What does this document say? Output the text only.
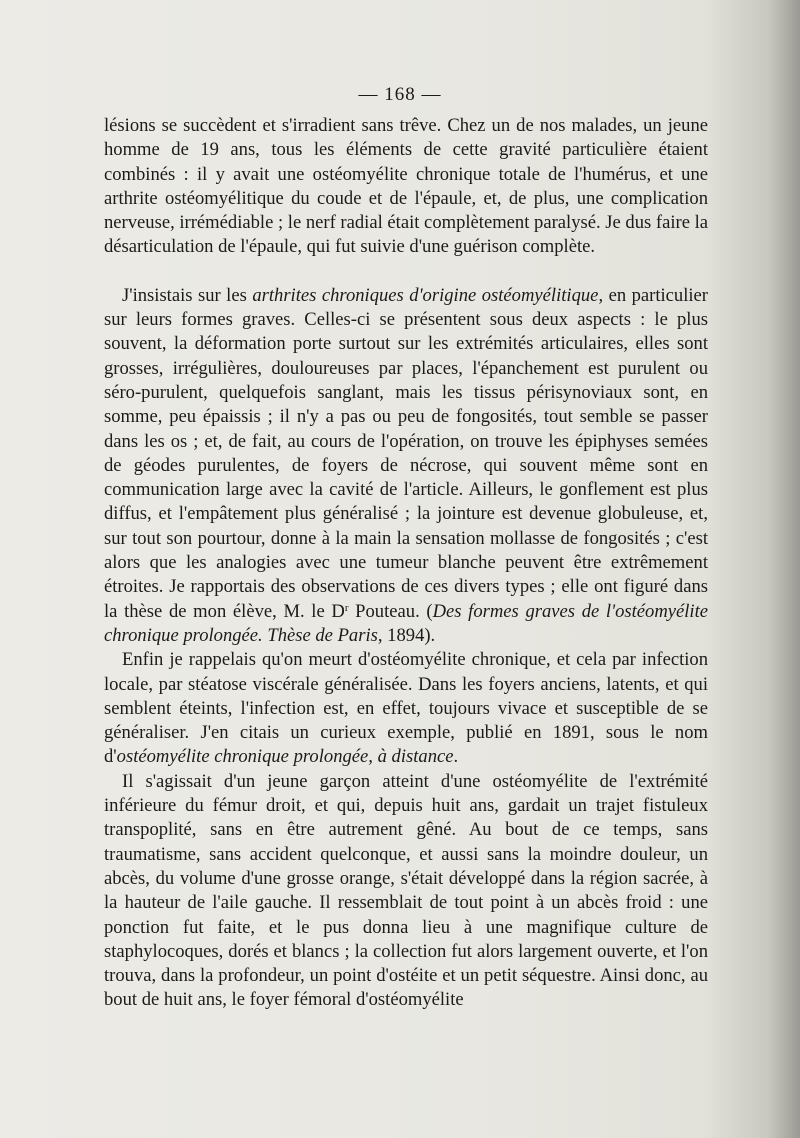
— 168 —

lésions se succèdent et s'irradient sans trêve. Chez un de nos malades, un jeune homme de 19 ans, tous les éléments de cette gravité particulière étaient combinés : il y avait une ostéomyélite chronique totale de l'humérus, et une arthrite ostéomyélitique du coude et de l'épaule, et, de plus, une complication nerveuse, irrémédiable ; le nerf radial était complètement paralysé. Je dus faire la désarticulation de l'épaule, qui fut suivie d'une guérison complète.

J'insistais sur les arthrites chroniques d'origine ostéomyélitique, en particulier sur leurs formes graves. Celles-ci se présentent sous deux aspects : le plus souvent, la déformation porte surtout sur les extrémités articulaires, elles sont grosses, irrégulières, douloureuses par places, l'épanchement est purulent ou séro-purulent, quelquefois sanglant, mais les tissus périsynoviaux sont, en somme, peu épaissis ; il n'y a pas ou peu de fongosités, tout semble se passer dans les os ; et, de fait, au cours de l'opération, on trouve les épiphyses semées de géodes purulentes, de foyers de nécrose, qui souvent même sont en communication large avec la cavité de l'article. Ailleurs, le gonflement est plus diffus, et l'empâtement plus généralisé ; la jointure est devenue globuleuse, et, sur tout son pourtour, donne à la main la sensation mollasse de fongosités ; c'est alors que les analogies avec une tumeur blanche peuvent être extrêmement étroites. Je rapportais des observations de ces divers types ; elle ont figuré dans la thèse de mon élève, M. le $D^r$ Pouteau. (Des formes graves de l'ostéomyélite chronique prolongée. Thèse de Paris, 1894).

Enfin je rappelais qu'on meurt d'ostéomyélite chronique, et cela par infection locale, par stéatose viscérale généralisée. Dans les foyers anciens, latents, et qui semblent éteints, l'infection est, en effet, toujours vivace et susceptible de se généraliser. J'en citais un curieux exemple, publié en 1891, sous le nom d'ostéomyélite chronique prolongée, à distance.

Il s'agissait d'un jeune garçon atteint d'une ostéomyélite de l'extrémité inférieure du fémur droit, et qui, depuis huit ans, gardait un trajet fistuleux transpoplité, sans en être autrement gêné. Au bout de ce temps, sans traumatisme, sans accident quelconque, et aussi sans la moindre douleur, un abcès, du volume d'une grosse orange, s'était développé dans la région sacrée, à la hauteur de l'aile gauche. Il ressemblait de tout point à un abcès froid : une ponction fut faite, et le pus donna lieu à une magnifique culture de staphylocoques, dorés et blancs ; la collection fut alors largement ouverte, et l'on trouva, dans la profondeur, un point d'ostéite et un petit séquestre. Ainsi donc, au bout de huit ans, le foyer fémoral d'ostéomyélite
